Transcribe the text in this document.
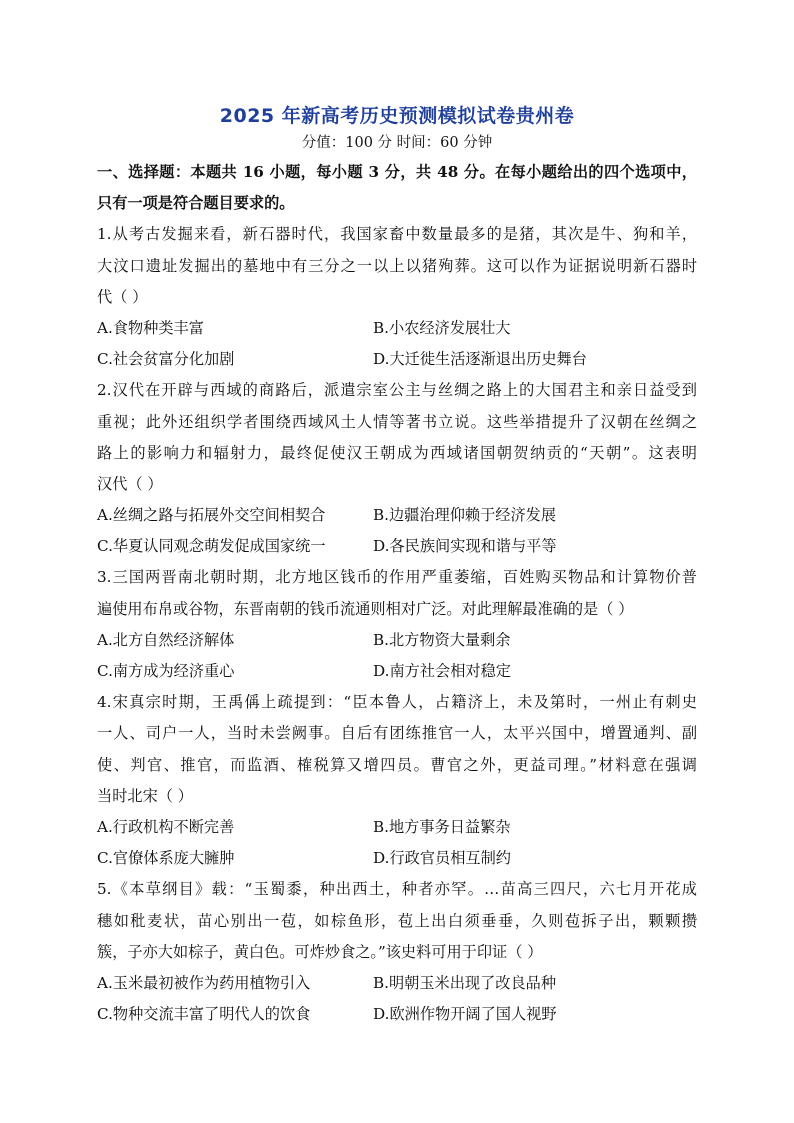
2025 年新高考历史预测模拟试卷贵州卷
分值：100 分 时间：60 分钟
一、选择题：本题共 16 小题，每小题 3 分，共 48 分。在每小题给出的四个选项中，
只有一项是符合题目要求的。
1.从考古发掘来看，新石器时代，我国家畜中数量最多的是猪，其次是牛、狗和羊，
大汶口遗址发掘出的墓地中有三分之一以上以猪殉葬。这可以作为证据说明新石器时
代（ ）
A.食物种类丰富	B.小农经济发展壮大
C.社会贫富分化加剧	D.大迁徙生活逐渐退出历史舞台
2.汉代在开辟与西域的商路后，派遣宗室公主与丝绸之路上的大国君主和亲日益受到
重视；此外还组织学者围绕西域风土人情等著书立说。这些举措提升了汉朝在丝绸之
路上的影响力和辐射力，最终促使汉王朝成为西域诸国朝贺纳贡的“天朝”。这表明
汉代（ ）
A.丝绸之路与拓展外交空间相契合	B.边疆治理仰赖于经济发展
C.华夏认同观念萌发促成国家统一	D.各民族间实现和谐与平等
3.三国两晋南北朝时期，北方地区钱币的作用严重萎缩，百姓购买物品和计算物价普
遍使用布帛或谷物，东晋南朝的钱币流通则相对广泛。对此理解最准确的是（ ）
A.北方自然经济解体	B.北方物资大量剩余
C.南方成为经济重心	D.南方社会相对稳定
4.宋真宗时期，王禹偁上疏提到：“臣本鲁人，占籍济上，未及第时，一州止有刺史
一人、司户一人，当时未尝阙事。自后有团练推官一人，太平兴国中，增置通判、副
使、判官、推官，而监酒、榷税算又增四员。曹官之外，更益司理。”材料意在强调
当时北宋（ ）
A.行政机构不断完善	B.地方事务日益繁杂
C.官僚体系庞大臃肿	D.行政官员相互制约
5.《本草纲目》载：“玉蜀黍，种出西土，种者亦罕。…苗高三四尺，六七月开花成
穗如秕麦状，苗心别出一苞，如棕鱼形，苞上出白须垂垂，久则苞拆子出，颗颗攒
簇，子亦大如棕子，黄白色。可炸炒食之。”该史料可用于印证（ ）
A.玉米最初被作为药用植物引入	B.明朝玉米出现了改良品种
C.物种交流丰富了明代人的饮食	D.欧洲作物开阔了国人视野
